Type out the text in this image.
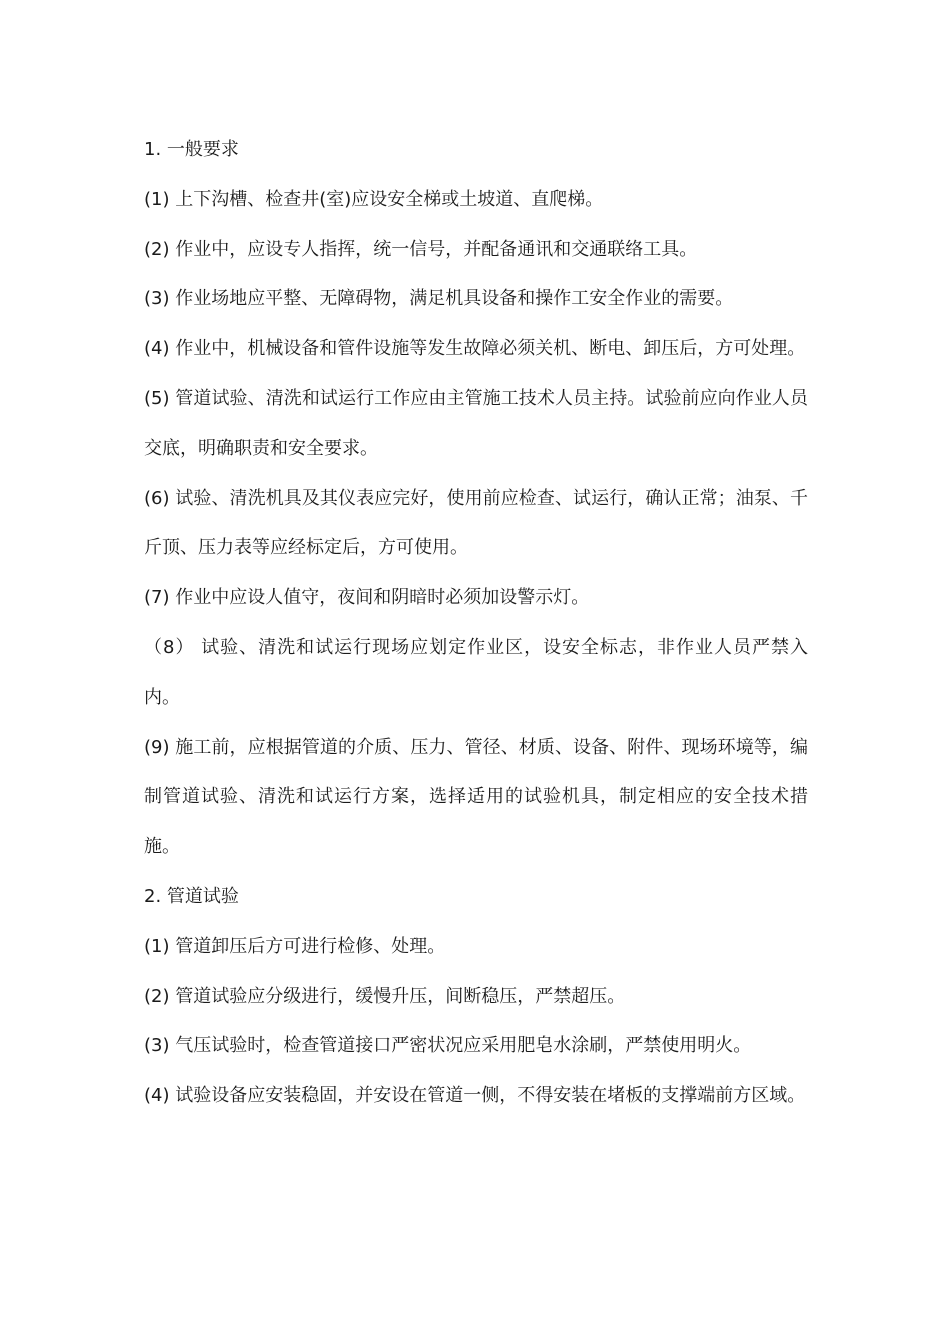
1. 一般要求

(1) 上下沟槽、检查井(室)应设安全梯或土坡道、直爬梯。

(2) 作业中，应设专人指挥，统一信号，并配备通讯和交通联络工具。

(3) 作业场地应平整、无障碍物，满足机具设备和操作工安全作业的需要。

(4) 作业中，机械设备和管件设施等发生故障必须关机、断电、卸压后，方可处理。

(5) 管道试验、清洗和试运行工作应由主管施工技术人员主持。试验前应向作业人员交底，明确职责和安全要求。

(6) 试验、清洗机具及其仪表应完好，使用前应检查、试运行，确认正常；油泵、千斤顶、压力表等应经标定后，方可使用。

(7) 作业中应设人值守，夜间和阴暗时必须加设警示灯。

（8） 试验、清洗和试运行现场应划定作业区，设安全标志，非作业人员严禁入内。

(9) 施工前，应根据管道的介质、压力、管径、材质、设备、附件、现场环境等，编制管道试验、清洗和试运行方案，选择适用的试验机具，制定相应的安全技术措施。

2. 管道试验

(1) 管道卸压后方可进行检修、处理。

(2) 管道试验应分级进行，缓慢升压，间断稳压，严禁超压。

(3) 气压试验时，检查管道接口严密状况应采用肥皂水涂刷，严禁使用明火。

(4) 试验设备应安装稳固，并安设在管道一侧，不得安装在堵板的支撑端前方区域。
